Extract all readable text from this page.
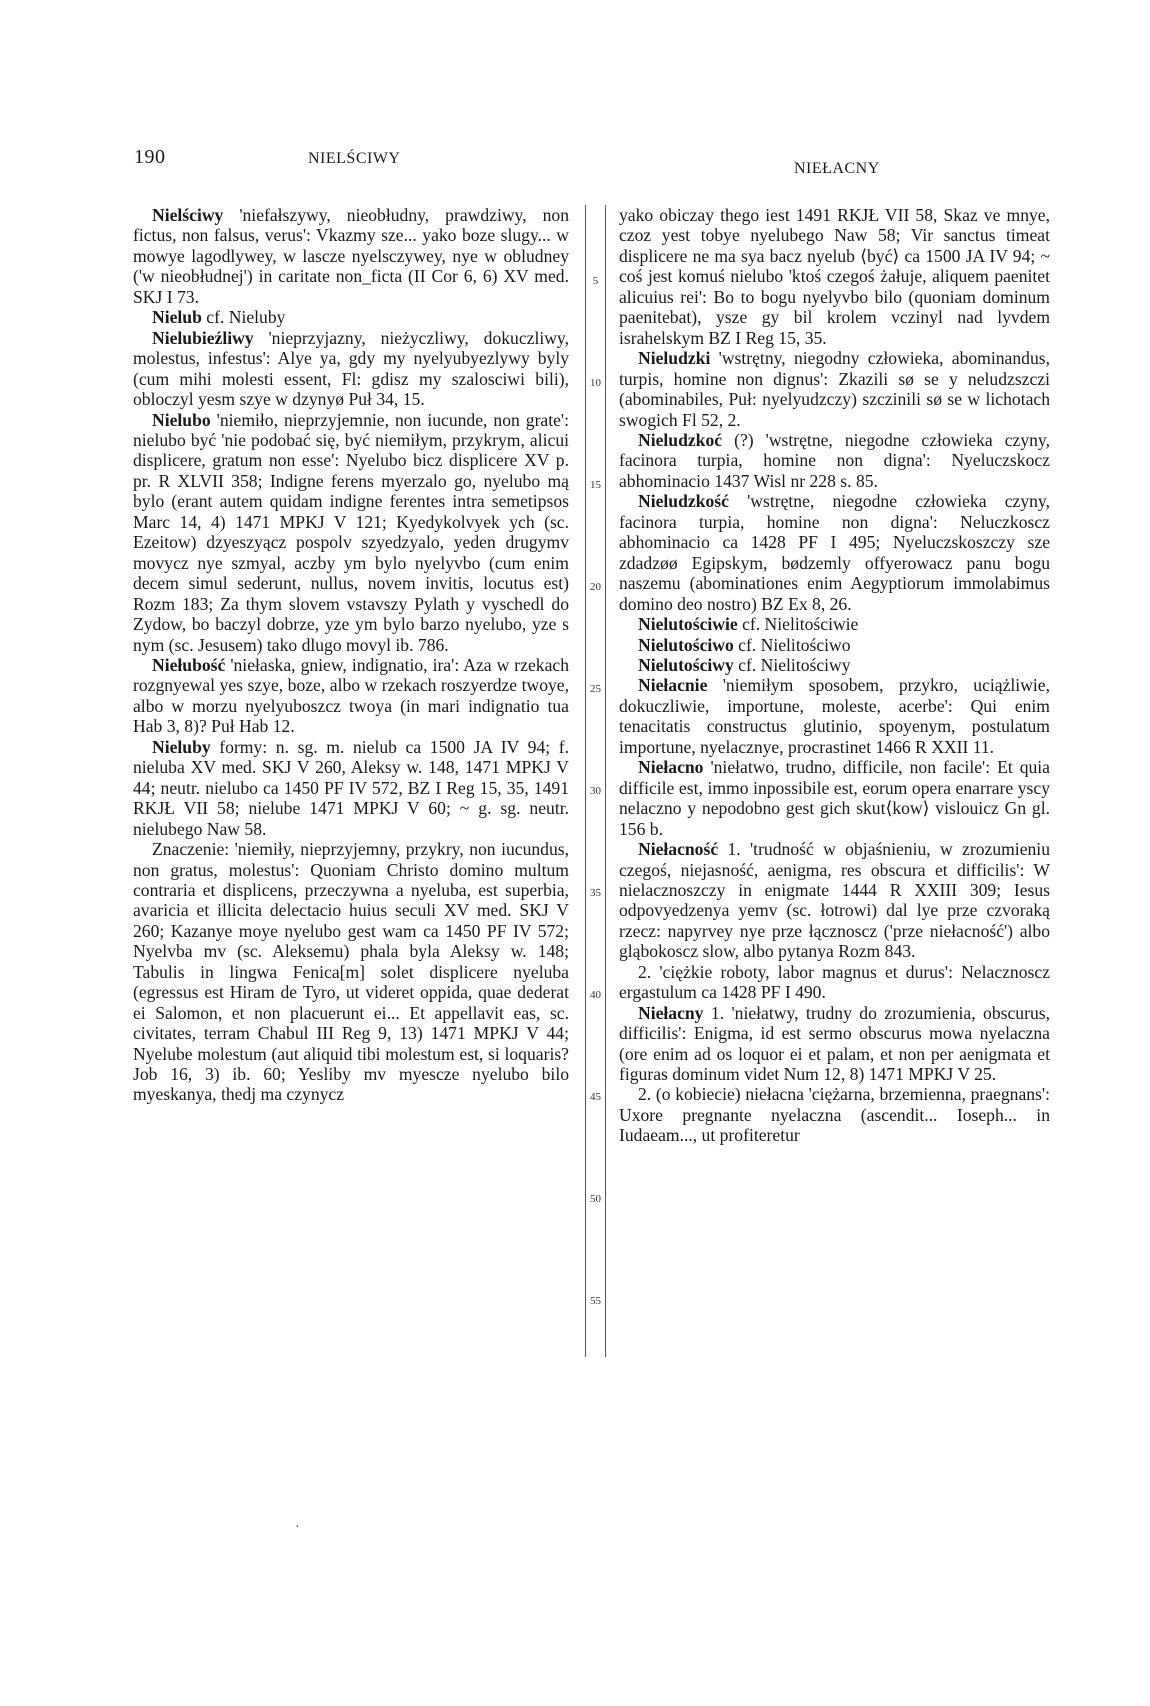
190	NIELŚCIWY
NIEŁACNY
5
10
15
20
25
30
35
40
45
50
55

Nielściwy 'niefałszywy, nieobłudny, prawdziwy, non fictus, non falsus, verus': Vkazmy sze... yako boze slugy... w mowye lagodlywey, w lascze nyelsczywey, nye w obludney ('w nieobłudnej') in caritate non_ficta (II Cor 6, 6) XV med. SKJ I 73.

Nielub cf. Nieluby

Nielubieźliwy 'nieprzyjazny, nieżyczliwy, dokuczliwy, molestus, infestus': Alye ya, gdy my nyelyubyezlywy byly (cum mihi molesti essent, Fl: gdisz my szalosciwi bili), obloczyl yesm szye w dzynyø Puł 34, 15.

Nielubo 'niemiło, nieprzyjemnie, non iucunde, non grate': nielubo być 'nie podobać się, być niemiłym, przykrym, alicui displicere, gratum non esse': Nyelubo bicz displicere XV p. pr. R XLVII 358; Indigne ferens myerzalo go, nyelubo mą bylo (erant autem quidam indigne ferentes intra semetipsos Marc 14, 4) 1471 MPKJ V 121; Kyedykolvyek ych (sc. Ezeitow) dzyeszyącz pospolv szyedzyalo, yeden drugymv movycz nye szmyal, aczby ym bylo nyelyvbo (cum enim decem simul sederunt, nullus, novem invitis, locutus est) Rozm 183; Za thym slovem vstavszy Pylath y vyschedl do Zydow, bo baczyl dobrze, yze ym bylo barzo nyelubo, yze s nym (sc. Jesusem) tako dlugo movyl ib. 786.

Niełubość 'niełaska, gniew, indignatio, ira': Aza w rzekach rozgnyewal yes szye, boze, albo w rzekach roszyerdze twoye, albo w morzu nyelyuboszcz twoya (in mari indignatio tua Hab 3, 8)? Puł Hab 12.

Nieluby formy: n. sg. m. nielub ca 1500 JA IV 94; f. nieluba XV med. SKJ V 260, Aleksy w. 148, 1471 MPKJ V 44; neutr. nielubo ca 1450 PF IV 572, BZ I Reg 15, 35, 1491 RKJŁ VII 58; nielube 1471 MPKJ V 60; ~ g. sg. neutr. nielubego Naw 58.

Znaczenie: 'niemiły, nieprzyjemny, przykry, non iucundus, non gratus, molestus': Quoniam Christo domino multum contraria et displicens, przeczywna a nyeluba, est superbia, avaricia et illicita delectacio huius seculi XV med. SKJ V 260; Kazanye moye nyelubo gest wam ca 1450 PF IV 572; Nyelvba mv (sc. Aleksemu) phala byla Aleksy w. 148; Tabulis in lingwa Fenica[m] solet displicere nyeluba (egressus est Hiram de Tyro, ut videret oppida, quae dederat ei Salomon, et non placuerunt ei... Et appellavit eas, sc. civitates, terram Chabul III Reg 9, 13) 1471 MPKJ V 44; Nyelube molestum (aut aliquid tibi molestum est, si loquaris? Job 16, 3) ib. 60; Yesliby mv myescze nyelubo bilo myeskanya, thedj ma czynycz

yako obiczay thego iest 1491 RKJŁ VII 58, Skaz ve mnye, czoz yest tobye nyelubego Naw 58; Vir sanctus timeat displicere ne ma sya bacz nyelub ⟨być⟩ ca 1500 JA IV 94; ~ coś jest komuś nielubo 'ktoś czegoś żałuje, aliquem paenitet alicuius rei': Bo to bogu nyelyvbo bilo (quoniam dominum paenitebat), ysze gy bil krolem vczinyl nad lyvdem israhelskym BZ I Reg 15, 35.

Nieludzki 'wstrętny, niegodny człowieka, abominandus, turpis, homine non dignus': Zkazili sø se y neludzszczi (abominabiles, Puł: nyelyudzczy) szczinili sø se w lichotach swogich Fl 52, 2.

Nieludzkoć (?) 'wstrętne, niegodne człowieka czyny, facinora turpia, homine non digna': Nyeluczskocz abhominacio 1437 Wisl nr 228 s. 85.

Nieludzkość 'wstrętne, niegodne człowieka czyny, facinora turpia, homine non digna': Neluczkoscz abhominacio ca 1428 PF I 495; Nyeluczskoszczy sze zdadzøø Egipskym, bødzemly offyerowacz panu bogu naszemu (abominationes enim Aegyptiorum immolabimus domino deo nostro) BZ Ex 8, 26.

Nielutościwie cf. Nielitościwie

Nielutościwo cf. Nielitościwo

Nielutościwy cf. Nielitościwy

Niełacnie 'niemiłym sposobem, przykro, uciążliwie, dokuczliwie, importune, moleste, acerbe': Qui enim tenacitatis constructus glutinio, spoyenym, postulatum importune, nyelacznye, procrastinet 1466 R XXII 11.

Niełacno 'niełatwo, trudno, difficile, non facile': Et quia difficile est, immo inpossibile est, eorum opera enarrare yscy nelaczno y nepodobno gest gich skut⟨kow⟩ vislouicz Gn gl. 156 b.

Niełacność 1. 'trudność w objaśnieniu, w zrozumieniu czegoś, niejasność, aenigma, res obscura et difficilis': W nielacznoszczy in enigmate 1444 R XXIII 309; Iesus odpovyedzenya yemv (sc. łotrowi) dal lye prze czvoraką rzecz: napyrvey nye prze łącznoscz ('prze niełacność') albo gląbokoscz slow, albo pytanya Rozm 843.

2. 'ciężkie roboty, labor magnus et durus': Nelacznoscz ergastulum ca 1428 PF I 490.

Niełacny 1. 'niełatwy, trudny do zrozumienia, obscurus, difficilis': Enigma, id est sermo obscurus mowa nyelaczna (ore enim ad os loquor ei et palam, et non per aenigmata et figuras dominum videt Num 12, 8) 1471 MPKJ V 25.

2. (o kobiecie) niełacna 'ciężarna, brzemienna, praegnans': Uxore pregnante nyelaczna (ascendit... Ioseph... in Iudaeam..., ut profiteretur

•
